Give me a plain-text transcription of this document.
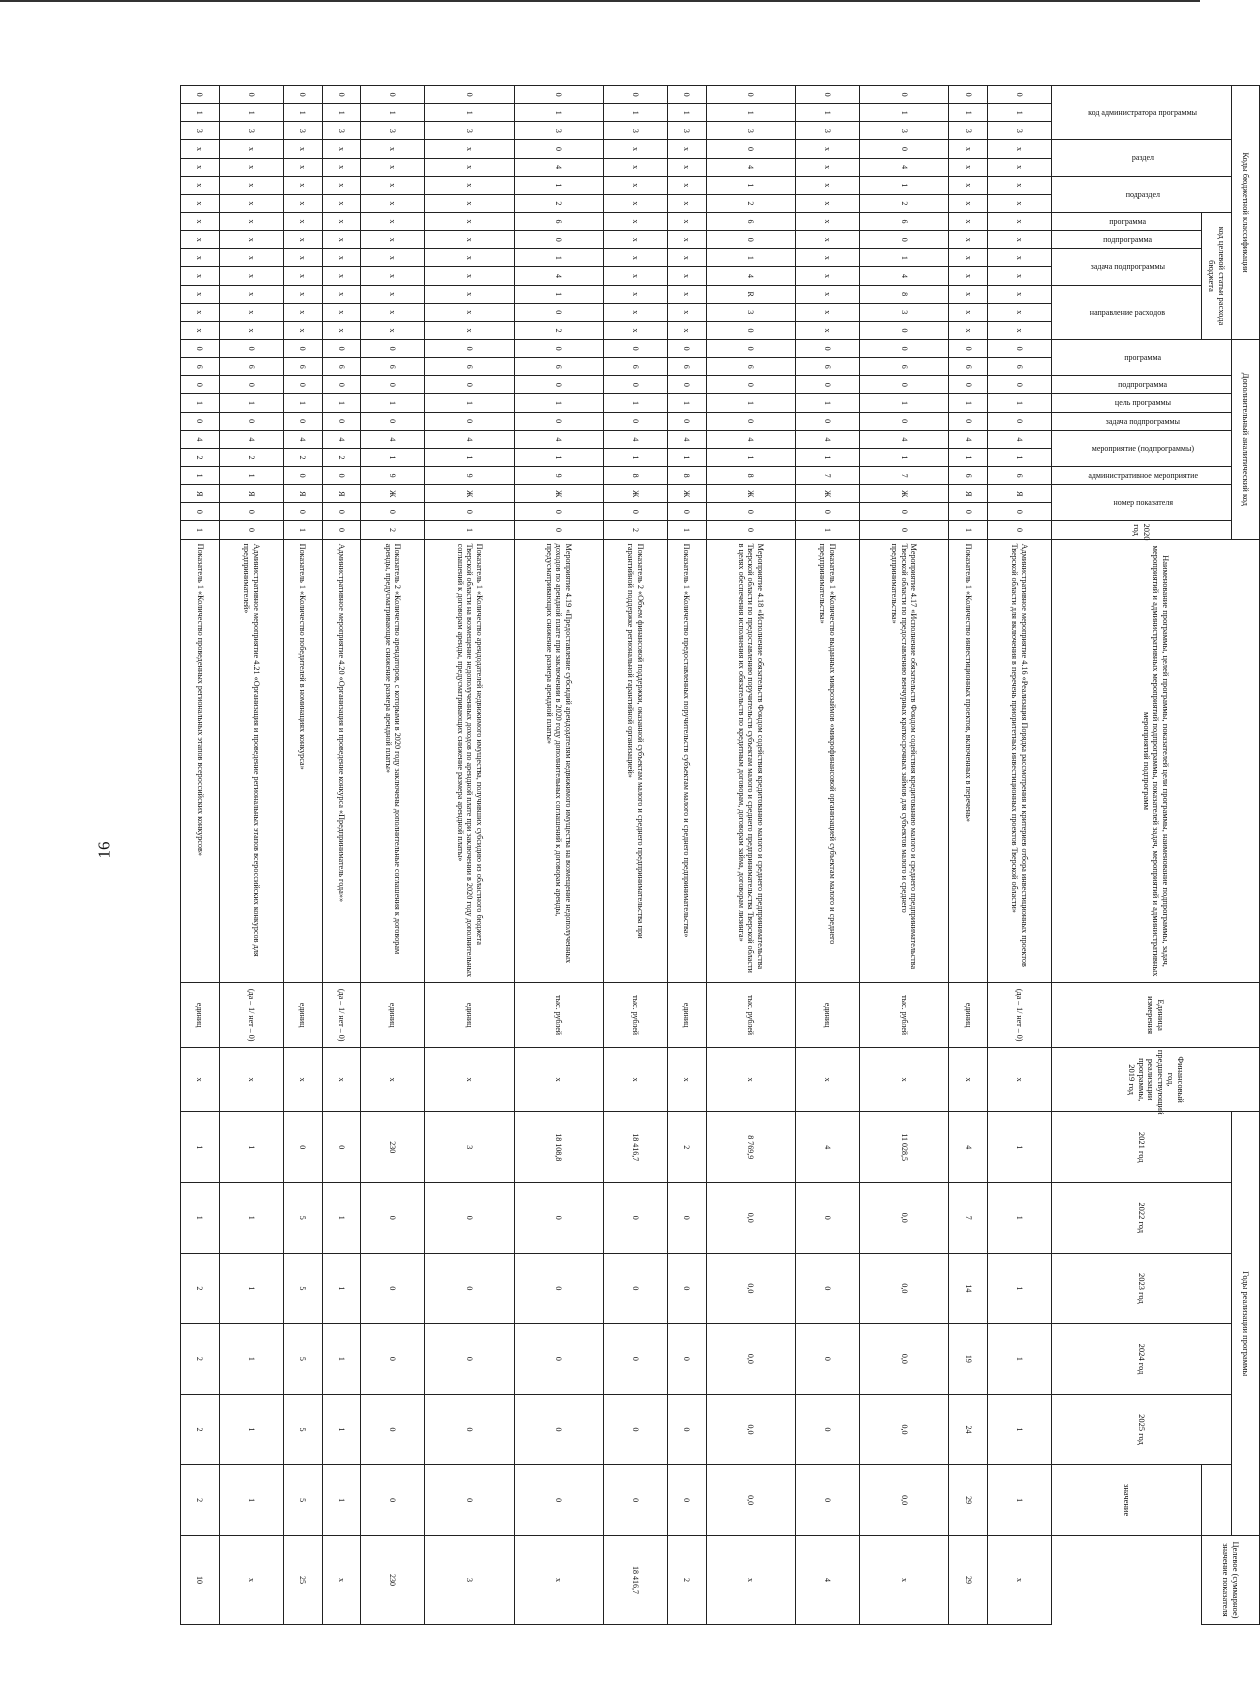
16
Коды бюджетной классификации														Дополнительный аналитический код											Наименование программы, целей программы, показателей цели программы, наименование подпрограммы, задач, мероприятий и административных мероприятий подпрограммы, показателей задач, мероприятий и административных мероприятий подпрограмм	Единица измерения	Финансовый год, предшествующий реализации программы, 2019 год	Годы реализации программы						Целевое (суммарное) значение показателя
код администратора программы			раздел		подраздел		код целевой статьи расхода бюджета							программа		подпрограмма	цель программы	задача подпрограммы	мероприятие (подпрограммы)		административное мероприятие	номер показателя		2020 год				2021 год	2022 год	2023 год	2024 год	2025 год		
							программа	подпрограмма	задача подпрограммы		направление расходов																						значение	
0	1	3	х	х	х	х	х	х	х	х	х	х	х	0	6	0	1	0	4	1	6	Я	0	0	Административное мероприятие 4.16 «Реализация Порядка рассмотрения и критериев отбора инвестиционных проектов Тверской области для включения в перечень приоритетных инвестиционных проектов Тверской области»	(да – 1/ нет – 0)	х	1	1	1	1	1	1	х
0	1	3	х	х	х	х	х	х	х	х	х	х	х	0	6	0	1	0	4	1	6	Я	0	1	Показатель 1 «Количество инвестиционных проектов, включенных в перечень»	единиц	х	4	7	14	19	24	29	29
0	1	3	0	4	1	2	6	0	1	4	8	3	0	0	6	0	1	0	4	1	7	Ж	0	0	Мероприятие 4.17 «Исполнение обязательств Фондом содействия кредитованию малого и среднего предпринимательства Тверской области по предоставлению венчурных краткосрочных займов для субъектов малого и среднего предпринимательства»	тыс. рублей	х	11 028,5	0,0	0,0	0,0	0,0	0,0	х
0	1	3	х	х	х	х	х	х	х	х	х	х	х	0	6	0	1	0	4	1	7	Ж	0	1	Показатель 1 «Количество выданных микрозаймов «микрофинансовой организацией субъектам малого и среднего предпринимательства»	единиц	х	4	0	0	0	0	0	4
0	1	3	0	4	1	2	6	0	1	4	R	3	0	0	6	0	1	0	4	1	8	Ж	0	0	Мероприятие 4.18 «Исполнение обязательств Фондом содействия кредитованию малого и среднего предпринимательства Тверской области по предоставлению поручительств субъектам малого и среднего предпринимательства Тверской области в целях обеспечения исполнения их обязательств по кредитным договорам, договорам займа, договорам лизинга»	тыс. рублей	х	8 769,9	0,0	0,0	0,0	0,0	0,0	х
0	1	3	х	х	х	х	х	х	х	х	х	х	х	0	6	0	1	0	4	1	8	Ж	0	1	Показатель 1 «Количество предоставленных поручительств субъектам малого и среднего предпринимательства»	единиц	х	2	0	0	0	0	0	2
0	1	3	х	х	х	х	х	х	х	х	х	х	х	0	6	0	1	0	4	1	8	Ж	0	2	Показатель 2 «Объем финансовой поддержки, оказанной субъектам малого и среднего предпринимательства при гарантийной поддержке региональной гарантийной организацией»	тыс. рублей	х	18 416,7	0	0	0	0	0	18 416,7
0	1	3	0	4	1	2	6	0	1	4	1	0	2	0	6	0	1	0	4	1	9	Ж	0	0	Мероприятие 4.19 «Предоставление субсидий арендодателям недвижимого имущества на возмещение недополученных доходов по арендной плате при заключении в 2020 году дополнительных соглашений к договорам аренды, предусматривающих снижение размера арендной платы»	тыс. рублей	х	18 108,8	0	0	0	0	0	х
0	1	3	х	х	х	х	х	х	х	х	х	х	х	0	6	0	1	0	4	1	9	Ж	0	1	Показатель 1 «Количество арендодателей недвижимого имущества, получивших субсидию из областного бюджета Тверской области на возмещение недополученных доходов по арендной плате при заключении в 2020 году дополнительных соглашений к договорам аренды, предусматривающих снижение размера арендной платы»	единиц	х	3	0	0	0	0	0	3
0	1	3	х	х	х	х	х	х	х	х	х	х	х	0	6	0	1	0	4	1	9	Ж	0	2	Показатель 2 «Количество арендаторов, с которыми в 2020 году заключены дополнительные соглашения к договорам аренды, предусматривающие снижение размера арендной платы»	единиц	х	230	0	0	0	0	0	230
0	1	3	х	х	х	х	х	х	х	х	х	х	х	0	6	0	1	0	4	2	0	Я	0	0	Административное мероприятие 4.20 «Организация и проведение конкурса «Предприниматель года»»	(да – 1/ нет – 0)	х	0	1	1	1	1	1	х
0	1	3	х	х	х	х	х	х	х	х	х	х	х	0	6	0	1	0	4	2	0	Я	0	1	Показатель 1 «Количество победителей в номинациях конкурса»	единиц	х	0	5	5	5	5	5	25
0	1	3	х	х	х	х	х	х	х	х	х	х	х	0	6	0	1	0	4	2	1	Я	0	0	Административное мероприятие 4.21 «Организация и проведение региональных этапов всероссийских конкурсов для предпринимателей»	(да – 1/ нет – 0)	х	1	1	1	1	1	1	х
0	1	3	х	х	х	х	х	х	х	х	х	х	х	0	6	0	1	0	4	2	1	Я	0	1	Показатель 1 «Количество проведенных региональных этапов всероссийских конкурсов»	единиц	х	1	1	2	2	2	2	10
